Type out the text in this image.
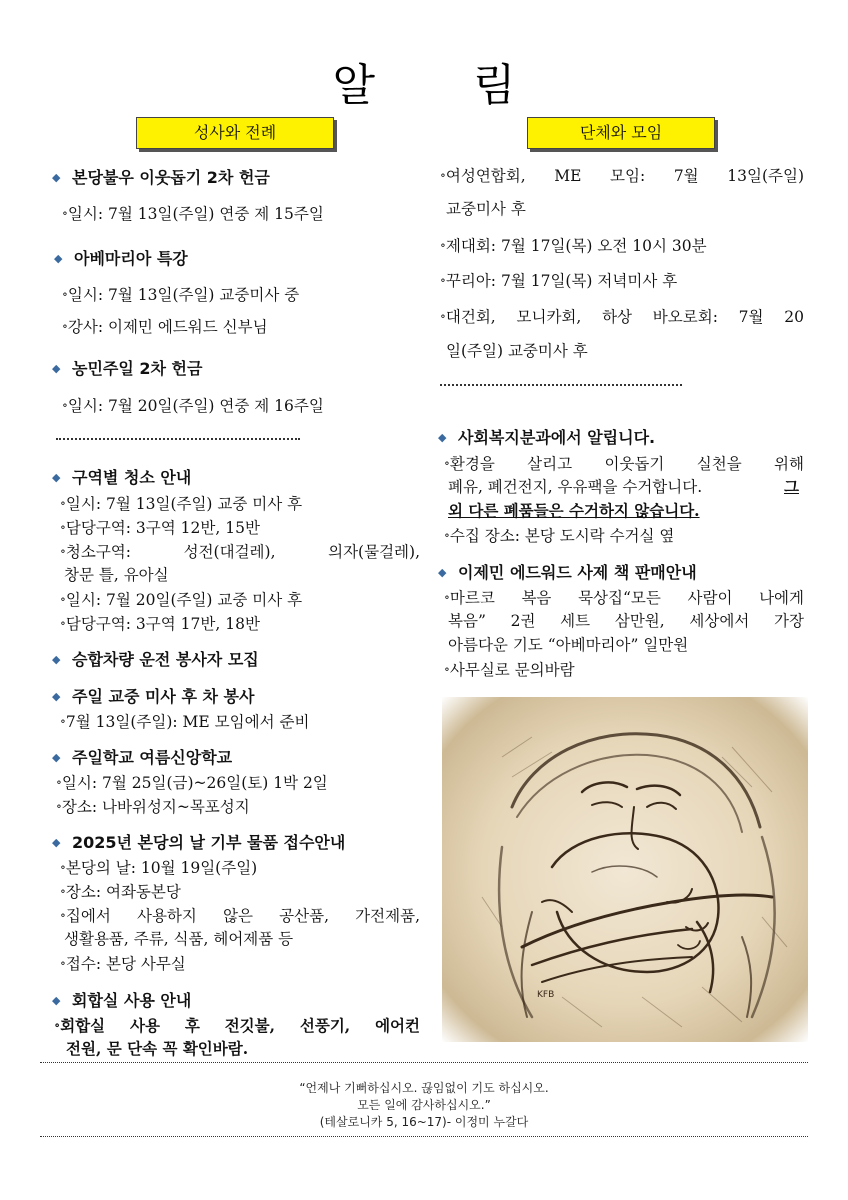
알 림
성사와 전례	단체와 모임
◆ 본당불우 이웃돕기 2차 헌금
∘일시: 7월 13일(주일) 연중 제 15주일
◆ 아베마리아 특강
∘일시: 7월 13일(주일) 교중미사 중
∘강사: 이제민 에드워드 신부님
◆ 농민주일 2차 헌금
∘일시: 7월 20일(주일) 연중 제 16주일
◆ 구역별 청소 안내
∘일시: 7월 13일(주일) 교중 미사 후
∘담당구역: 3구역 12반, 15반
∘청소구역: 성전(대걸레), 의자(물걸레),
창문 틀, 유아실
∘일시: 7월 20일(주일) 교중 미사 후
∘담당구역: 3구역 17반, 18반
◆ 승합차량 운전 봉사자 모집
◆ 주일 교중 미사 후 차 봉사
∘7월 13일(주일): ME 모임에서 준비
◆ 주일학교 여름신앙학교
∘일시: 7월 25일(금)~26일(토) 1박 2일
∘장소: 나바위성지~목포성지
◆ 2025년 본당의 날 기부 물품 접수안내
∘본당의 날: 10월 19일(주일)
∘장소: 여좌동본당
∘집에서 사용하지 않은 공산품, 가전제품,
생활용품, 주류, 식품, 헤어제품 등
∘접수: 본당 사무실
◆ 회합실 사용 안내
∘회합실 사용 후 전깃불, 선풍기, 에어컨
전원, 문 단속 꼭 확인바람.
∘여성연합회, ME 모임: 7월 13일(주일)
교중미사 후
∘제대회: 7월 17일(목) 오전 10시 30분
∘꾸리아: 7월 17일(목) 저녁미사 후
∘대건회, 모니카회, 하상 바오로회: 7월 20
일(주일) 교중미사 후
◆ 사회복지분과에서 알립니다.
∘환경을 살리고 이웃돕기 실천을 위해
폐유, 폐건전지, 우유팩을 수거합니다.	그
외 다른 폐품들은 수거하지 않습니다.
∘수집 장소: 본당 도시락 수거실 옆
◆ 이제민 에드워드 사제 책 판매안내
∘마르코 복음 묵상집“모든 사람이 나에게
복음” 2권 세트 삼만원, 세상에서 가장
아름다운 기도 “아베마리아” 일만원
∘사무실로 문의바람
KFB
“언제나 기뻐하십시오. 끊임없이 기도 하십시오.
모든 일에 감사하십시오.”
(테살로니카 5, 16~17)- 이정미 누갈다
